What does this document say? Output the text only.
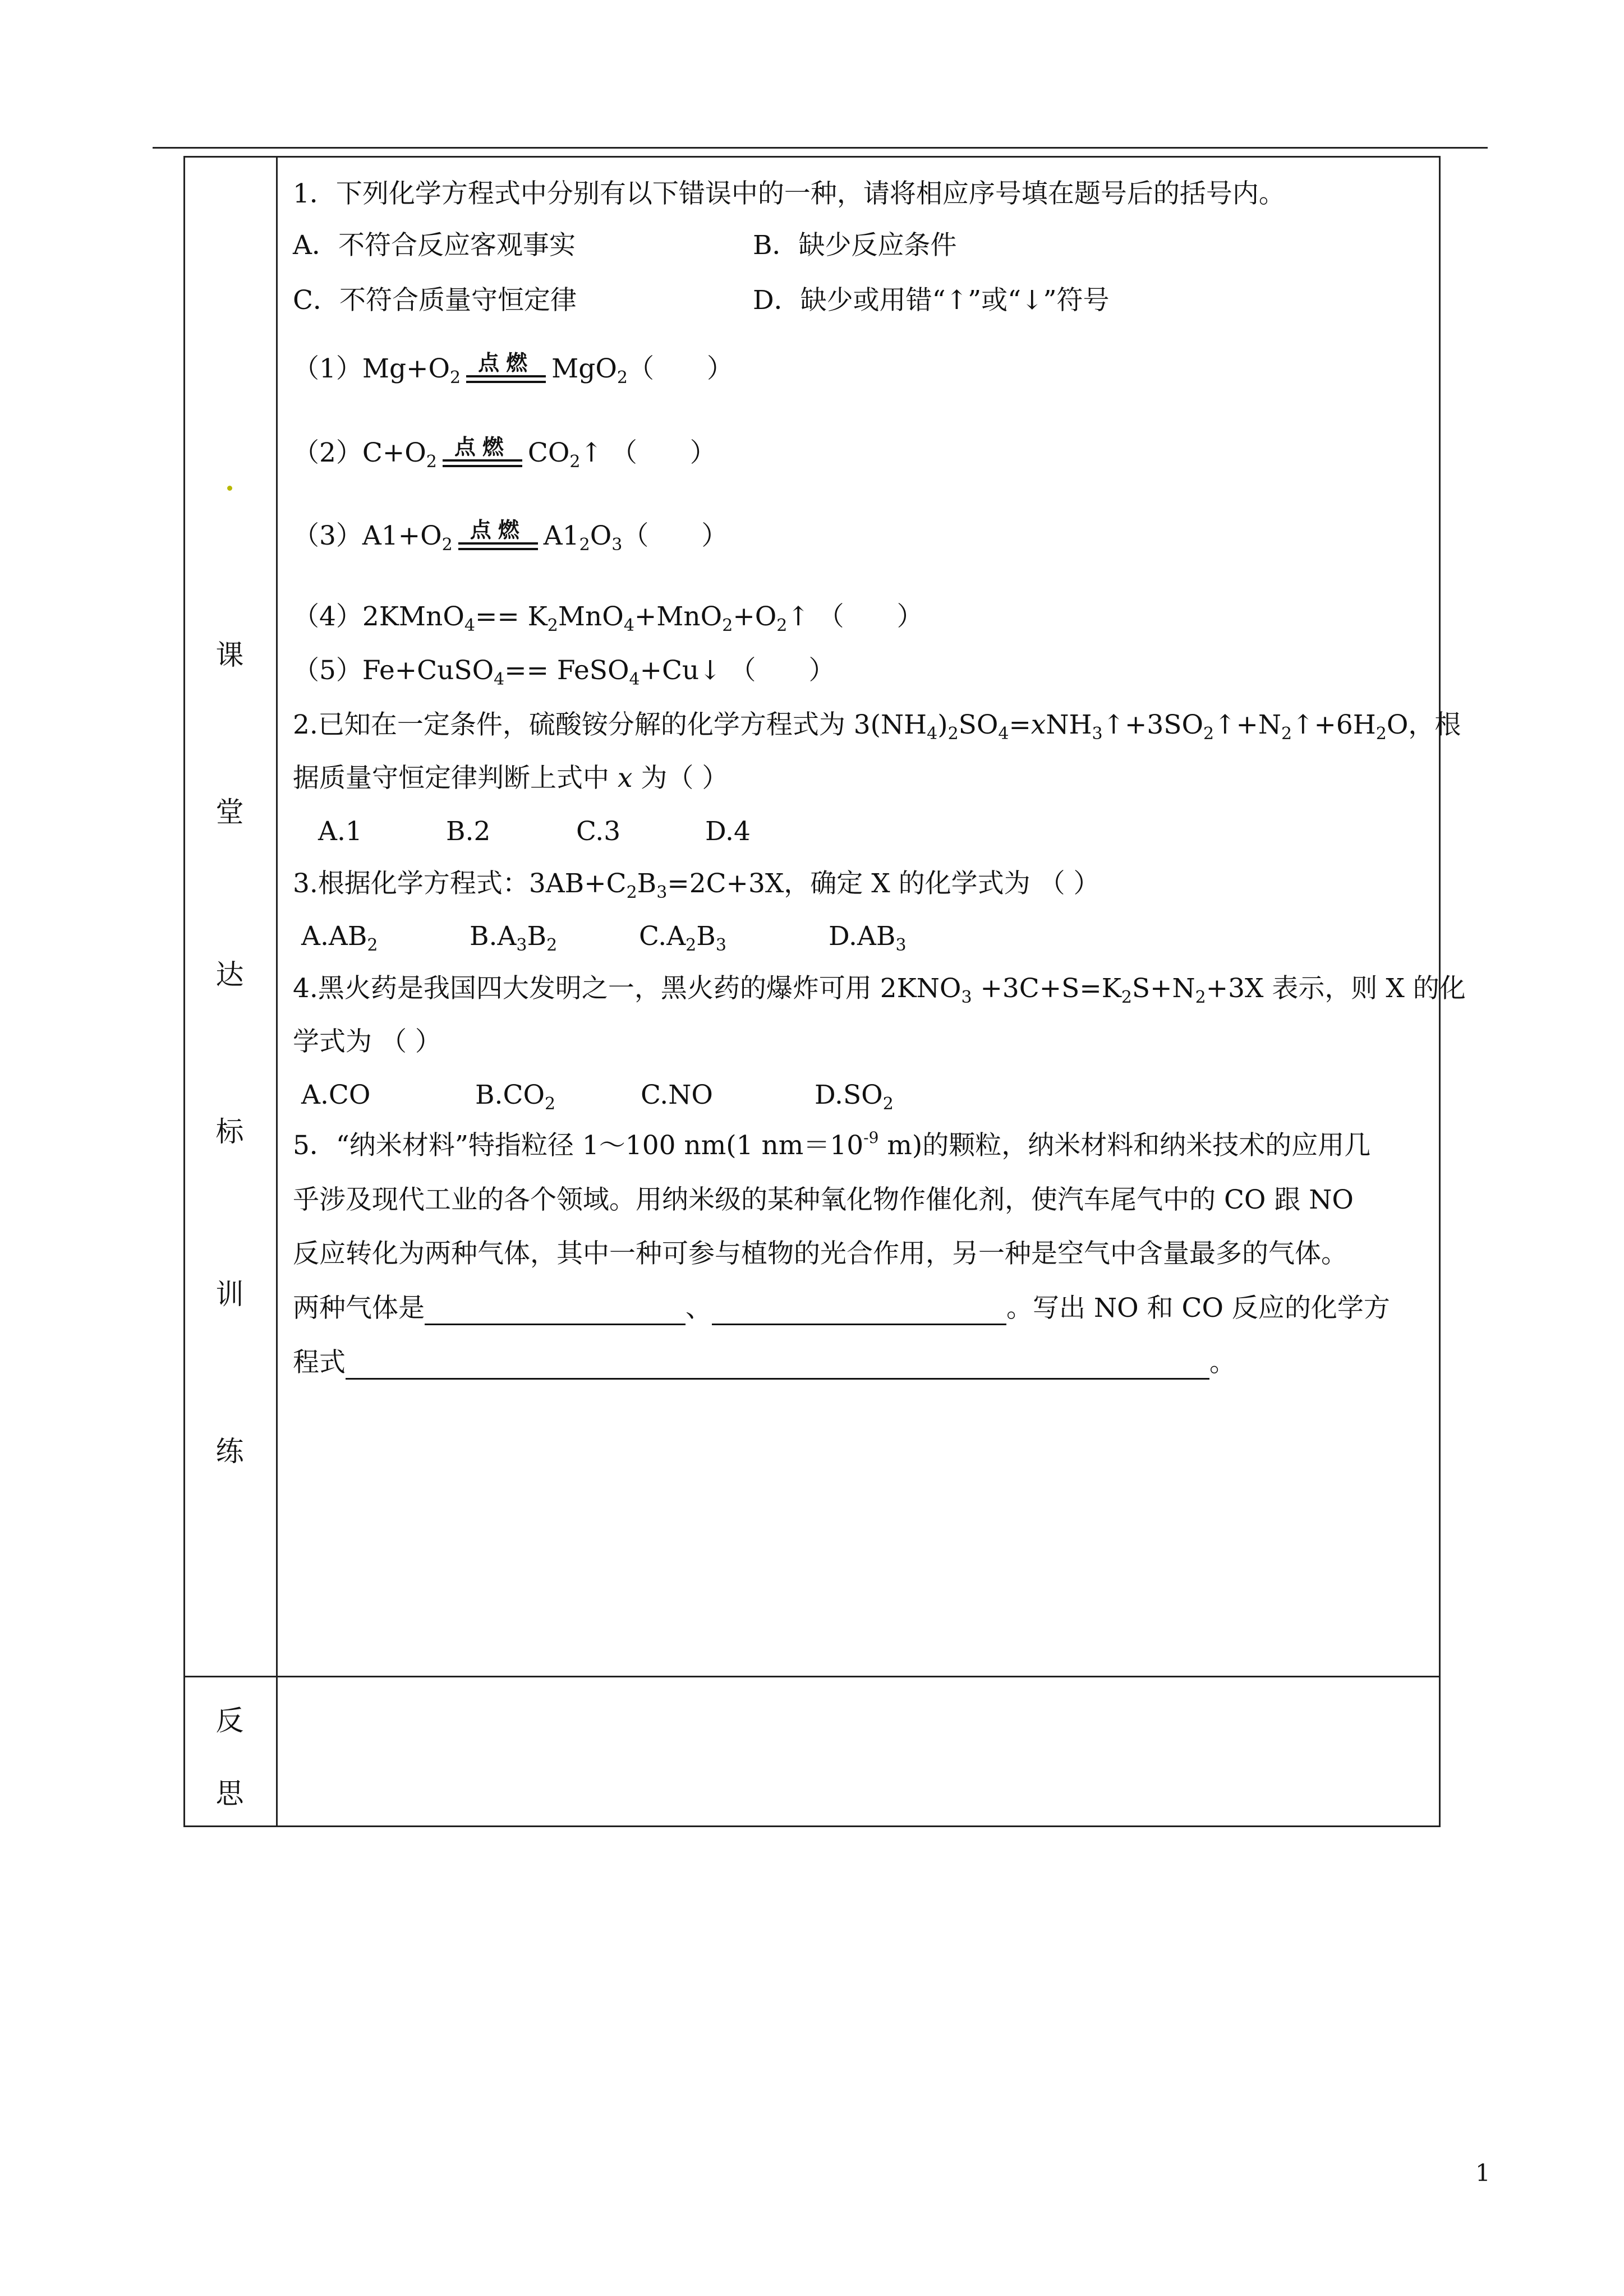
课
堂
达
标
训
练
反
思
1．下列化学方程式中分别有以下错误中的一种，请将相应序号填在题号后的括号内。
A．不符合反应客观事实	B．缺少反应条件
C．不符合质量守恒定律	D．缺少或用错“↑”或“↓”符号
$(1)Mg+O_2$
点燃 MgO$_2$（　　）
$(2)C+O_2$
点燃 $CO_2↑$ （　　）
$(3)A1+O_2$
点燃 $A1_2O_3$（　　）
（4）2KMnO$_4$== $K_2MnO_4+MnO_2+O_2↑$ （　　）
（5）Fe+CuSO$_4$== FeSO$_4$+Cu↓ （　　）
2.已知在一定条件，硫酸铵分解的化学方程式为 $3(NH_4)_2SO_4=xNH_3↑+3SO_2↑+N_2↑+6H_2O$，根
据质量守恒定律判断上式中 x 为（ ）
A.1	B.2	C.3	D.4
3.根据化学方程式：$3AB+C_2B_3=2C+3X$，确定 X 的化学式为 （ ）
$A.AB_2$	$B.A_3B_2$	$C.A_2B_3$	$D.AB_3$
4.黑火药是我国四大发明之一，黑火药的爆炸可用 $2KNO_3 +3C+S=K_2S+N_2+3X$ 表示，则 X 的化
学式为 （ ）
A.CO	$B.CO_2$	C.NO	$D.SO_2$
5．“纳米材料”特指粒径 1～100 nm(1 $nm=10^{-9}$ m)的颗粒，纳米材料和纳米技术的应用几
乎涉及现代工业的各个领域。用纳米级的某种氧化物作催化剂，使汽车尾气中的 CO 跟 NO
反应转化为两种气体，其中一种可参与植物的光合作用，另一种是空气中含量最多的气体。
两种气体是	、	。写出 NO 和 CO 反应的化学方
程式	。
1
